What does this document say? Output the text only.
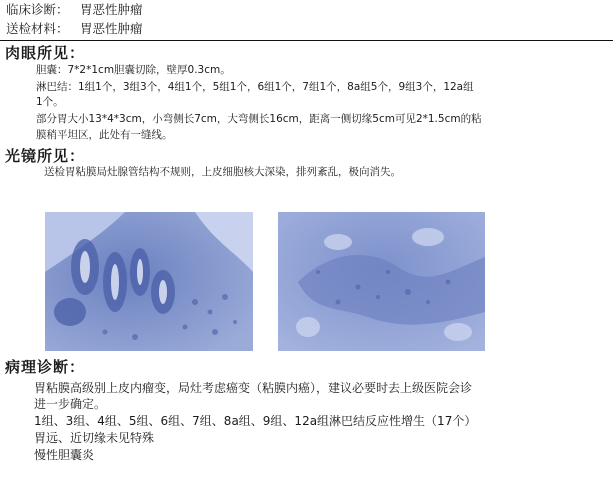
临床诊断： 胃恶性肿瘤
送检材料： 胃恶性肿瘤
肉眼所见：
胆囊：7*2*1cm胆囊切除，壁厚0.3cm。
淋巴结：1组1个，3组3个，4组1个，5组1个，6组1个，7组1个，8a组5个，9组3个，12a组
1个。
部分胃大小13*4*3cm，小弯侧长7cm，大弯侧长16cm，距离一侧切缘5cm可见2*1.5cm的粘
膜稍平坦区，此处有一缝线。
光镜所见：
送检胃粘膜局灶腺管结构不规则，上皮细胞核大深染，排列紊乱，极向消失。
病理诊断：
胃粘膜高级别上皮内瘤变，局灶考虑癌变（粘膜内癌），建议必要时去上级医院会诊
进一步确定。
1组、3组、4组、5组、6组、7组、8a组、9组、12a组淋巴结反应性增生（17个）
胃远、近切缘未见特殊
慢性胆囊炎
